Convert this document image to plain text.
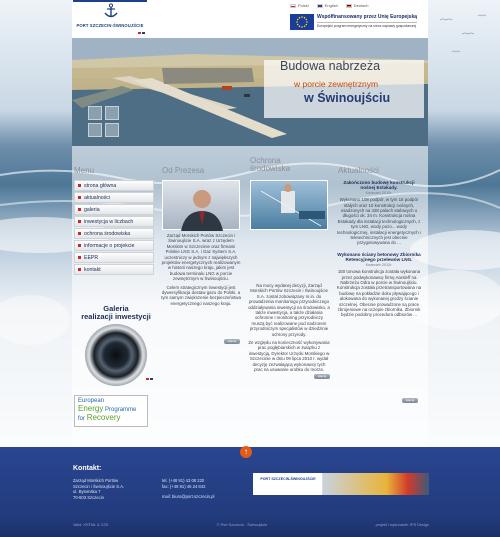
PORT SZCZECIN-ŚWINOUJŚCIE
Polski	English	Deutsch
Współfinansowany przez Unię Europejską
Europejski program energetyczny na rzecz naprawy gospodarczej
Budowa nabrzeża
w porcie zewnętrznym
w Świnoujściu
Menu
strona główna
aktualności
galeria
inwestycja w liczbach
ochrona środowiska
informacje o projekcie
EEPR
kontakt
Galeria
realizacji inwestycji
European
Energy Programme
for Recovery
Od Prezesa

Zarząd Morskich Portów Szczecin i Świnoujście S.A. wraz z Urzędem Morskim w Szczecinie oraz firmami Polskie LNG S.A. i Gaz System S.A. uczestniczy w jednym z największych projektów energetycznych realizowanym w historii naszego kraju, jakim jest budowa terminalu LNG w porcie zewnętrznym w Świnoujściu.

Celem strategicznym inwestycji jest dywersyfikacja dostaw gazu do Polski, a tym samym zwiększenie bezpieczeństwa energetycznego naszego kraju.

więcej
Ochrona
środowiska

Na mocy wydanej decyzji, Zarząd Morskich Portów Szczecin i Świnoujście S.A. został zobowiązany m.in. do prowadzenia monitoringu przyrodniczego oddziaływania inwestycji na środowisko, a także inwestycja, a także działania ochronne i monitoring przyrodniczy muszą być realizowane pod nadzorem przyrodniczym specjalistów w dziedzinie ochrony przyrody.

Ze względu na konieczność wykonywania prac pogłębiarskich w związku z inwestycją, Dyrektor Urzędu Morskiego w Szczecinie w dniu 09 lipca 2010 r. wydał decyzję zezwalającą wykonawcy tych prac na usuwanie urobku do morza.

więcej
Aktualności
Zakończono budowę konstrukcji nośnej Estakady.
Kwiecień 2012r.
Wykonano 108 podpór, w tym 15 podpór stałych oraz 10 konstrukcji nośnych, osadzonych na 428 palach stalowych o długości ok. 34 m. Konstrukcja nośna Estakady dla instalacji technologicznych, z tym LNG, wody pozo... wody technologicznej, instalacji energetycznych i teletechnicznych jest obecnie przygotowywana do ...
Wykonano ściany betonowy Zbiornika Retencyjnego przelewów LNG.
Kwiecień 2012r.
150 tonowa konstrukcja została wykonana przez podwykonawcę firmę Aarsleff na Nabrzeżu Odra w porcie w Świnoujściu. Konstrukcja została przetransportowana na budowę na pokładzie doku pływającego i alokowana do wykonanej grodzy ścianie szczelnej. Obecnie prowadzone są prace zbrojeniowe na oczepie zbiornika. Zbiornik będzie podobny procedura odbiorów ...
więcej
↑
Kontakt:
Zarząd Morskich Portów
Szczecin i Świnoujście S.A.
ul. Bytomska 7
70-603 Szczecin
tel. (+48 91) 43 08 220
fax: (+48 91) 46 24 842
mail: biuro@port.szczecin.pl
PORT SZCZECIN-ŚWINOUJŚCIE
Valid: XHTML & CSS	© Port Szczecin - Świnoujście	projekt i wykonanie: IPS Design
